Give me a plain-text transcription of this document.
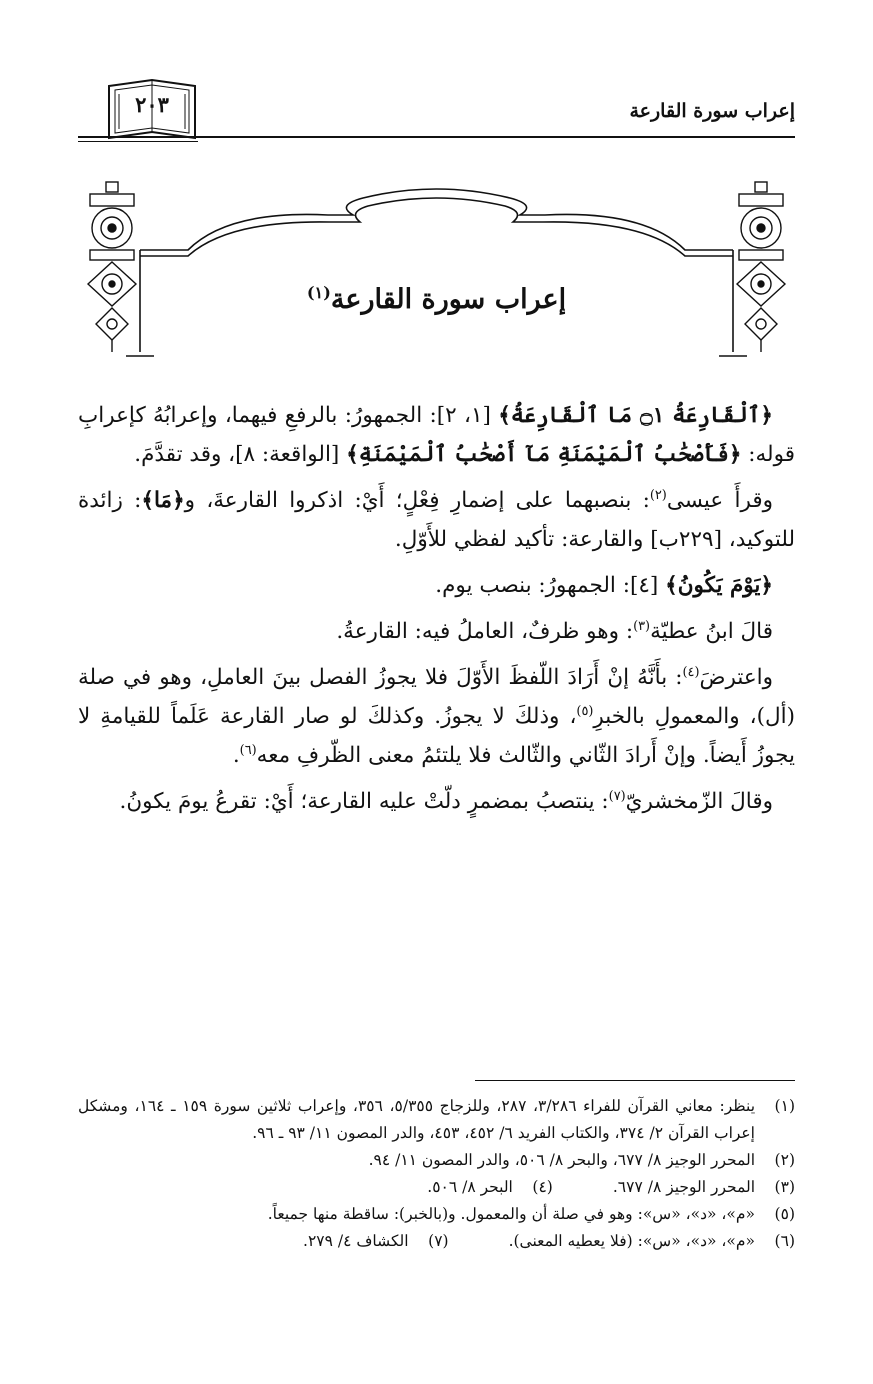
إعراب سورة القارعة
٢٠٣
إعراب سورة القارعة$^{(١)}$

﴿ٱلْقَارِعَةُ ۝١ مَا ٱلْقَارِعَةُ﴾ [١، ٢]: الجمهورُ: بالرفعِ فيهما، وإعرابُهُ كإعرابِ قوله: ﴿فَأَصْحَٰبُ ٱلْمَيْمَنَةِ مَآ أَصْحَٰبُ ٱلْمَيْمَنَةِ﴾ [الواقعة: ٨]، وقد تقدَّمَ.

وقرأَ عيسى$^{(٢)}$: بنصبهما على إضمارِ فِعْلٍ؛ أَيْ: اذكروا القارعةَ، و﴿مَا﴾: زائدة للتوكيد، [٢٢٩ب] والقارعة: تأكيد لفظي للأَوّلِ.

﴿يَوْمَ يَكُونُ﴾ [٤]: الجمهورُ: بنصب يوم.

قالَ ابنُ عطيّة$^{(٣)}$: وهو ظرفٌ، العاملُ فيه: القارعةُ.

واعترضَ$^{(٤)}$: بأَنَّهُ إنْ أَرَادَ اللّفظَ الأَوّلَ فلا يجوزُ الفصل بينَ العاملِ، وهو في صلة (أل)، والمعمولِ بالخبرِ$^{(٥)}$، وذلكَ لا يجوزُ. وكذلكَ لو صار القارعة عَلَماً للقيامةِ لا يجوزُ أَيضاً. وإنْ أَرادَ الثّاني والثّالث فلا يلتئمُ معنى الظّرفِ معه$^{(٦)}$.

وقالَ الزّمخشريّ$^{(٧)}$: ينتصبُ بمضمرٍ دلّتْ عليه القارعة؛ أَيْ: تقرعُ يومَ يكونُ.

(١)
ينظر: معاني القرآن للفراء ٣/٢٨٦، ٢٨٧، وللزجاج ٥/٣٥٥، ٣٥٦، وإعراب ثلاثين سورة ١٥٩ ـ ١٦٤، ومشكل إعراب القرآن ٢/ ٣٧٤، والكتاب الفريد ٦/ ٤٥٢، ٤٥٣، والدر المصون ١١/ ٩٣ ـ ٩٦.
(٢)
المحرر الوجيز ٨/ ٦٧٧، والبحر ٨/ ٥٠٦، والدر المصون ١١/ ٩٤.
(٣)
المحرر الوجيز ٨/ ٦٧٧.
(٤)
البحر ٨/ ٥٠٦.
(٥)
«م»، «د»، «س»: وهو في صلة أن والمعمول. و(بالخبر): ساقطة منها جميعاً.
(٦)
«م»، «د»، «س»: (فلا يعطيه المعنى).
(٧)
الكشاف ٤/ ٢٧٩.
